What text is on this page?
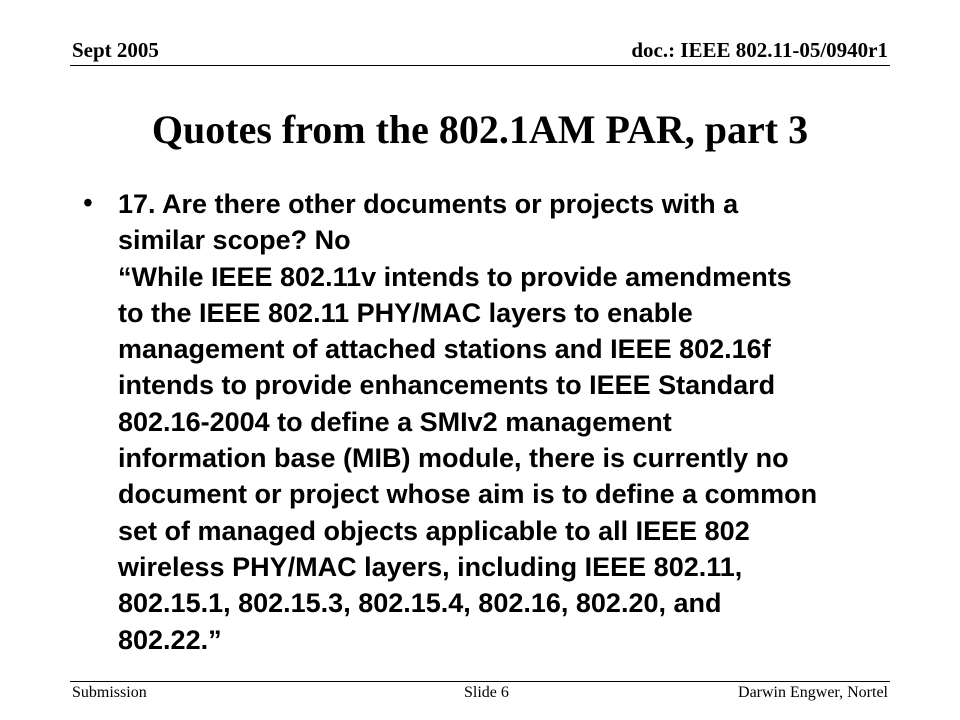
Sept 2005	doc.: IEEE 802.11-05/0940r1
Quotes from the 802.1AM PAR, part 3
• 17. Are there other documents or projects with a
similar scope? No
“While IEEE 802.11v intends to provide amendments
to the IEEE 802.11 PHY/MAC layers to enable
management of attached stations and IEEE 802.16f
intends to provide enhancements to IEEE Standard
802.16-2004 to define a SMIv2 management
information base (MIB) module, there is currently no
document or project whose aim is to define a common
set of managed objects applicable to all IEEE 802
wireless PHY/MAC layers, including IEEE 802.11,
802.15.1, 802.15.3, 802.15.4, 802.16, 802.20, and
802.22.”
Submission	Slide 6	Darwin Engwer, Nortel
